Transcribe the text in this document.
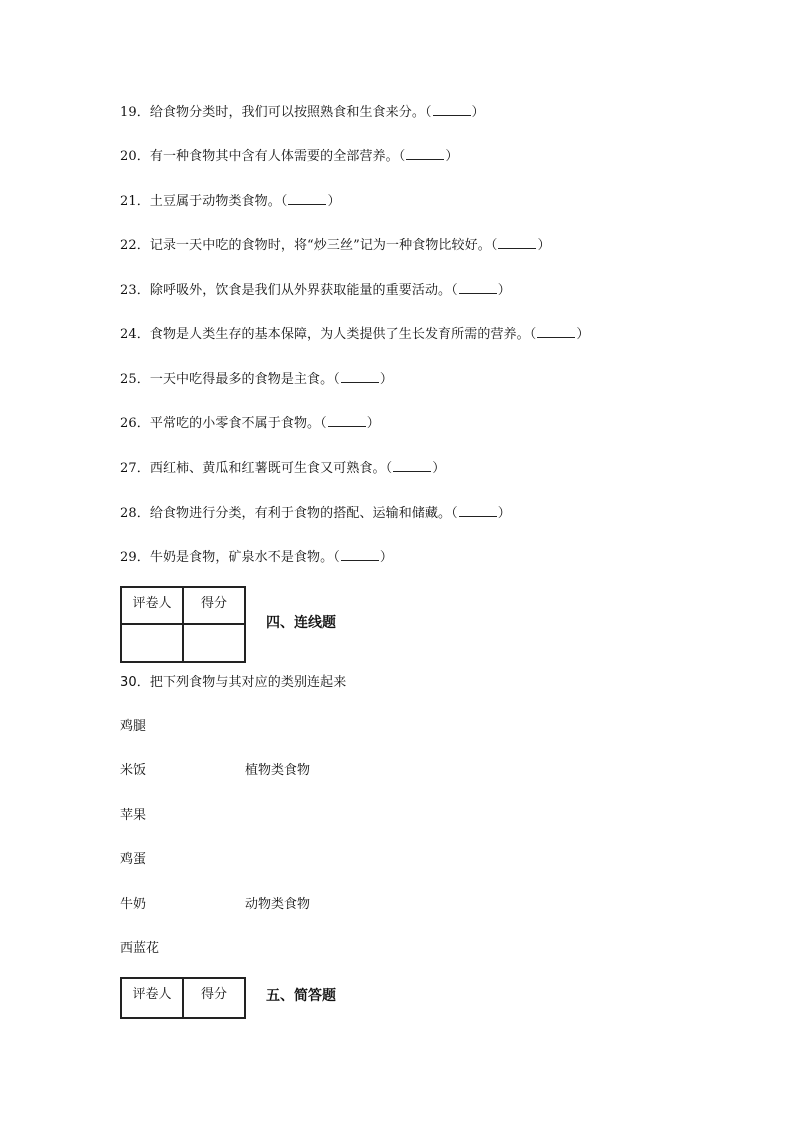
19．给食物分类时，我们可以按照熟食和生食来分。（	）
20．有一种食物其中含有人体需要的全部营养。（	）
21．土豆属于动物类食物。（	）
22．记录一天中吃的食物时，将“炒三丝”记为一种食物比较好。（	）
23．除呼吸外，饮食是我们从外界获取能量的重要活动。（	）
24．食物是人类生存的基本保障，为人类提供了生长发育所需的营养。（	）
25．一天中吃得最多的食物是主食。（	）
26．平常吃的小零食不属于食物。（	）
27．西红柿、黄瓜和红薯既可生食又可熟食。（	）
28．给食物进行分类，有利于食物的搭配、运输和储藏。（	）
29．牛奶是食物，矿泉水不是食物。（	）
评卷人	得分

四、连线题
30．把下列食物与其对应的类别连起来
鸡腿
米饭
苹果
鸡蛋
牛奶
西蓝花
植物类食物
动物类食物
评卷人	得分	五、简答题
